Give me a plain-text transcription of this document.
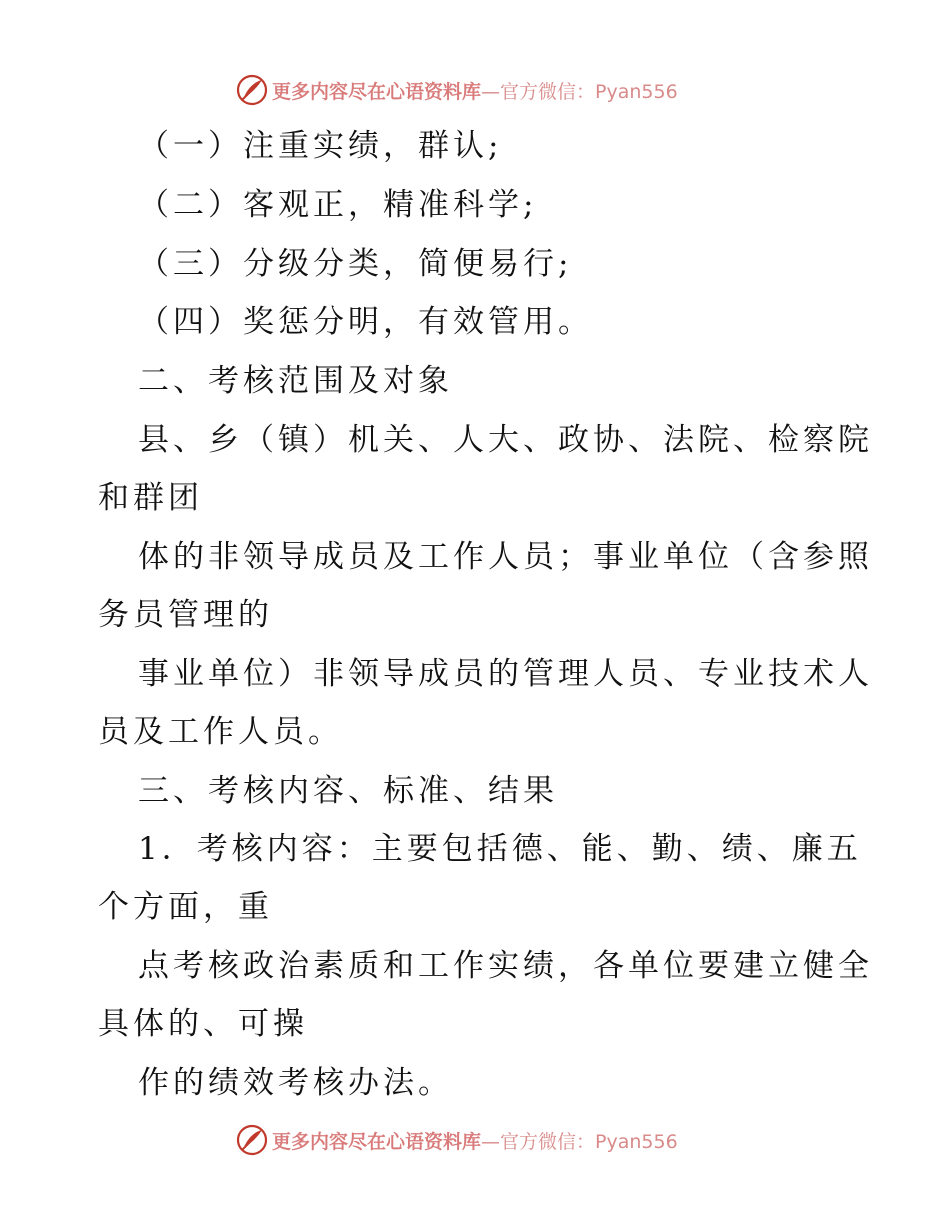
更多内容尽在心语资料库 —官方微信：Pyan556
（一）注重实绩，群认;
（二）客观正，精准科学;
（三）分级分类，简便易行;
（四）奖惩分明，有效管用。
二、考核范围及对象
县、乡（镇）机关、人大、政协、法院、检察院
和群团
体的非领导成员及工作人员；事业单位（含参照
务员管理的
事业单位）非领导成员的管理人员、专业技术人
员及工作人员。
三、考核内容、标准、结果
1．考核内容：主要包括德、能、勤、绩、廉五
个方面，重
点考核政治素质和工作实绩，各单位要建立健全
具体的、可操
作的绩效考核办法。
更多内容尽在心语资料库 —官方微信：Pyan556
